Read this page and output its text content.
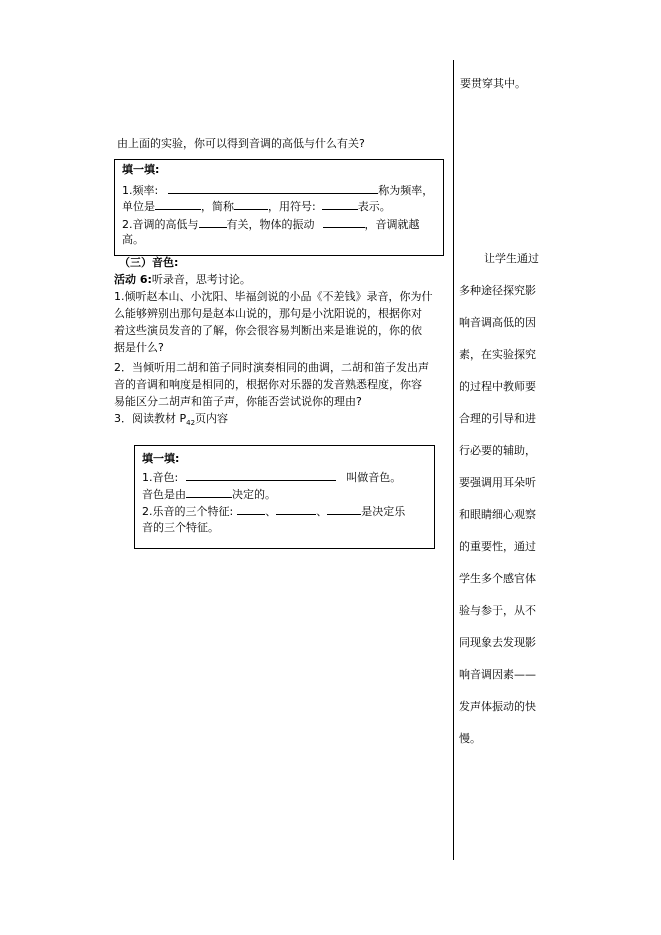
要贯穿其中。
由上面的实验，你可以得到音调的高低与什么有关?
填一填:
1.频率:	称为频率，
单位是	，简称	，用符号:	表示。
2.音调的高低与	有关，物体的振动	，音调就越
高。
（三）音色:
活动 6:听录音，思考讨论。
1.倾听赵本山、小沈阳、毕福剑说的小品《不差钱》录音，你为什
么能够辨别出那句是赵本山说的，那句是小沈阳说的，根据你对
着这些演员发音的了解，你会很容易判断出来是谁说的，你的依
据是什么?
2．当倾听用二胡和笛子同时演奏相同的曲调，二胡和笛子发出声
音的音调和响度是相同的，根据你对乐器的发音熟悉程度，你容
易能区分二胡声和笛子声，你能否尝试说你的理由?
3．阅读教材 $P_{42}$页内容
填一填:
1.音色:	叫做音色。
音色是由	决定的。
2.乐音的三个特征:	、	、	是决定乐
音的三个特征。
让学生通过
多种途径探究影
响音调高低的因
素，在实验探究
的过程中教师要
合理的引导和进
行必要的辅助，
要强调用耳朵听
和眼睛细心观察
的重要性，通过
学生多个感官体
验与参于，从不
同现象去发现影
响音调因素——
发声体振动的快
慢。
